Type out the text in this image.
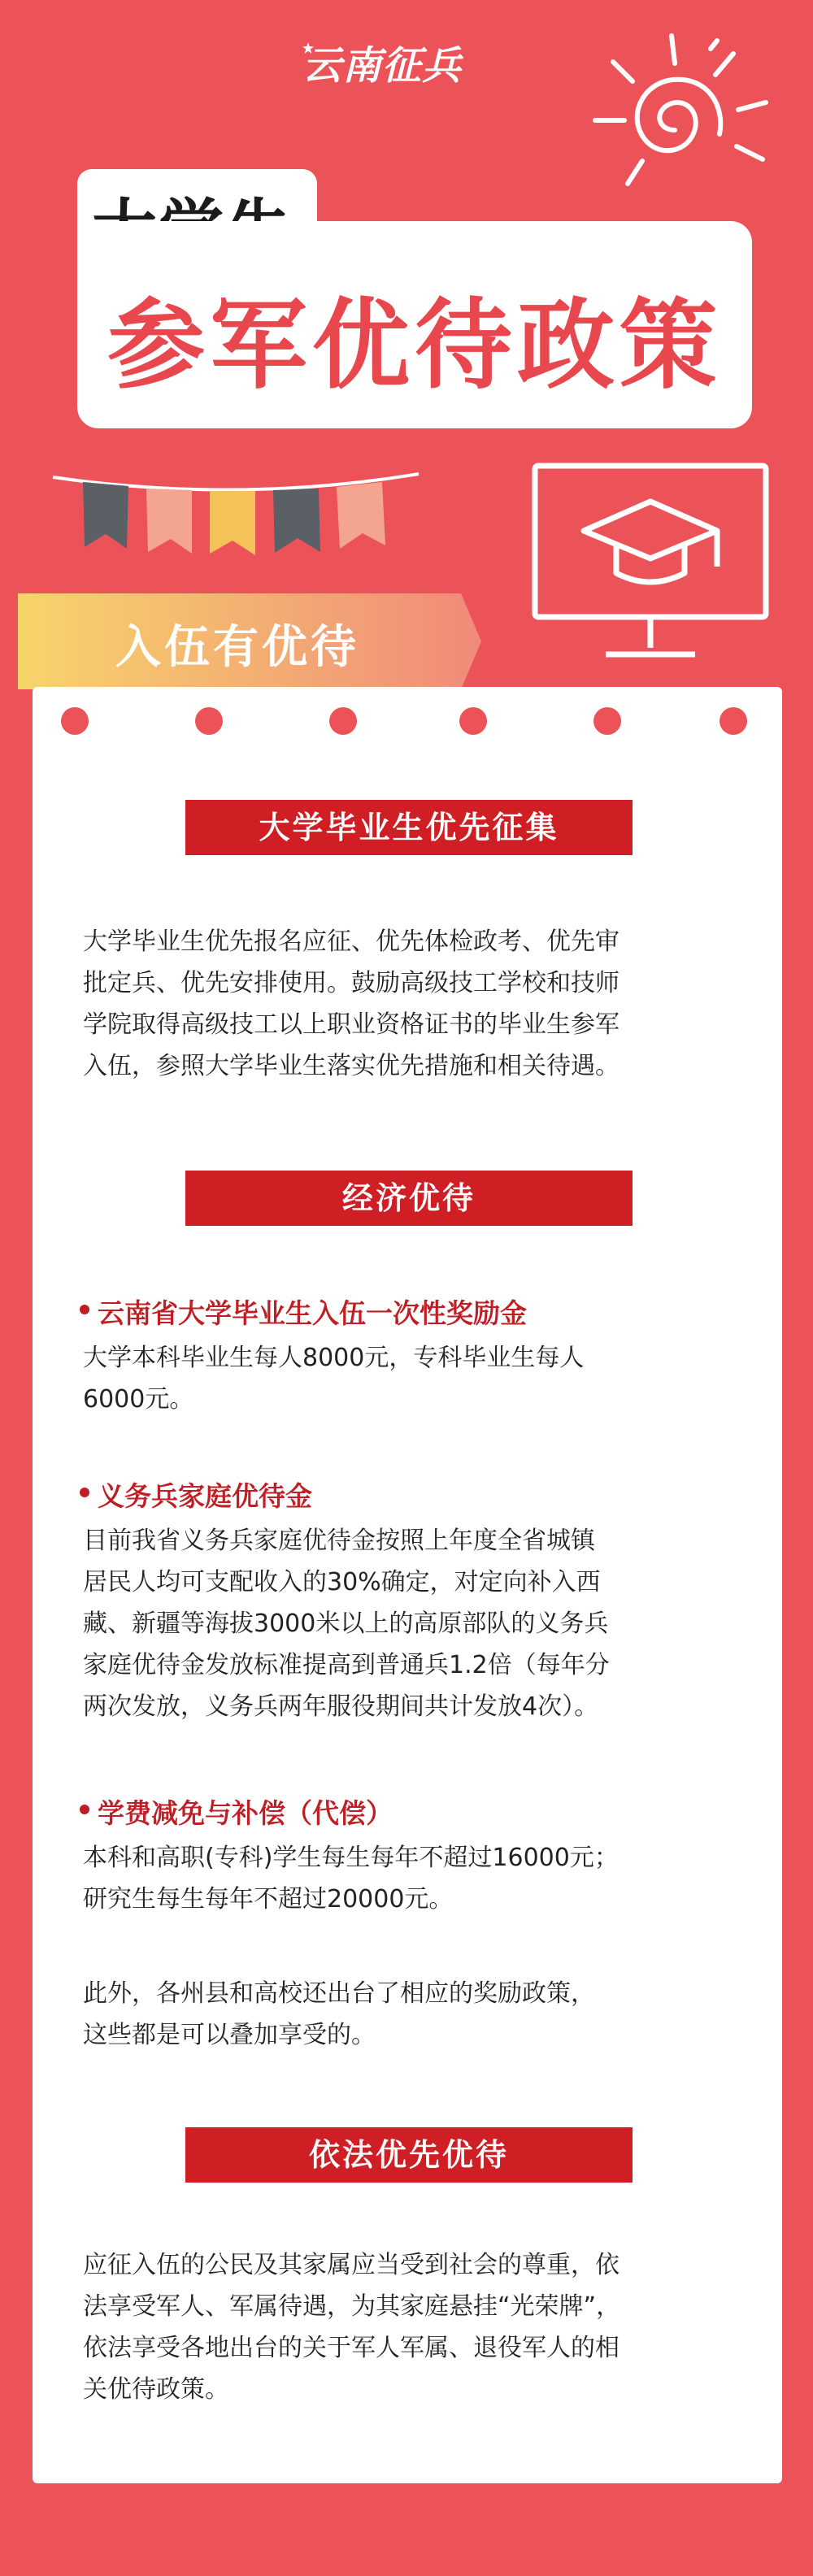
云南征兵
参军优待政策
入伍有优待
大学毕业生优先征集
大学毕业生优先报名应征、优先体检政考、优先审
批定兵、优先安排使用。鼓励高级技工学校和技师
学院取得高级技工以上职业资格证书的毕业生参军
入伍，参照大学毕业生落实优先措施和相关待遇。
经济优待
云南省大学毕业生入伍一次性奖励金
大学本科毕业生每人8000元，专科毕业生每人
6000元。
义务兵家庭优待金
目前我省义务兵家庭优待金按照上年度全省城镇
居民人均可支配收入的30%确定，对定向补入西
藏、新疆等海拔3000米以上的高原部队的义务兵
家庭优待金发放标准提高到普通兵1.2倍（每年分
两次发放，义务兵两年服役期间共计发放4次）。
学费减免与补偿（代偿）
本科和高职(专科)学生每生每年不超过16000元；
研究生每生每年不超过20000元。
此外，各州县和高校还出台了相应的奖励政策，
这些都是可以叠加享受的。
依法优先优待
应征入伍的公民及其家属应当受到社会的尊重，依
法享受军人、军属待遇，为其家庭悬挂“光荣牌”，
依法享受各地出台的关于军人军属、退役军人的相
关优待政策。
